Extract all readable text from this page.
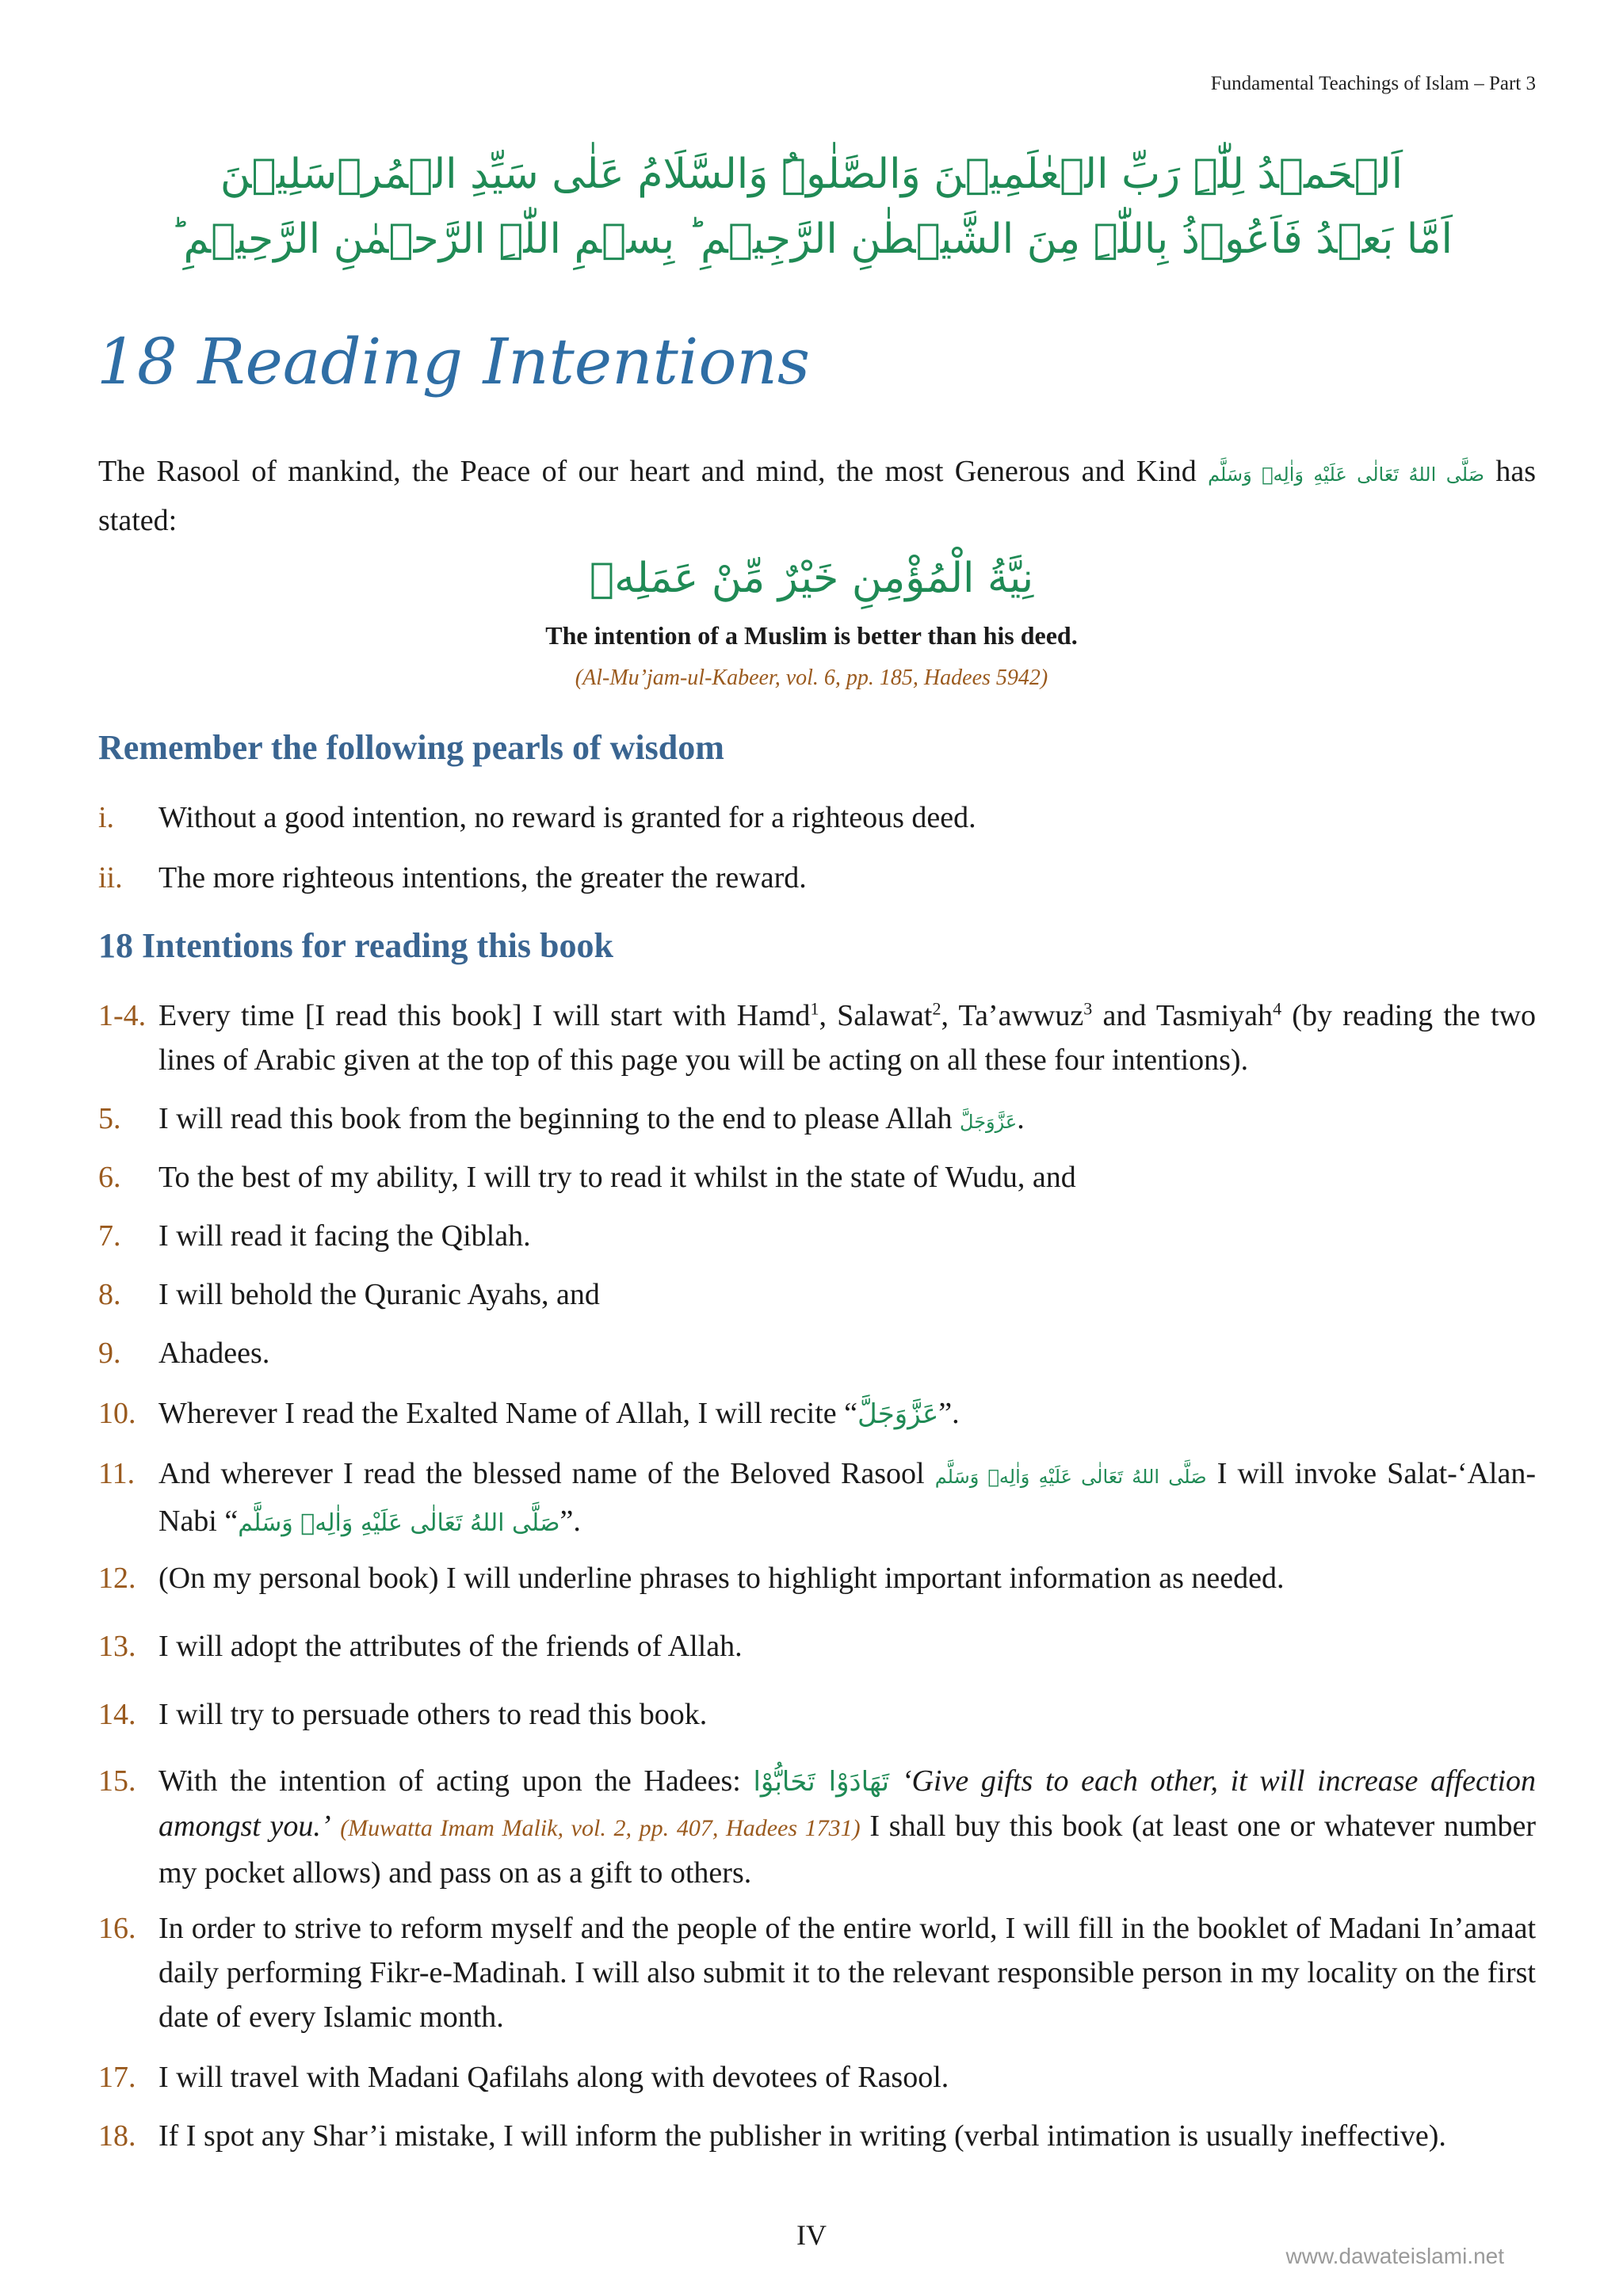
Fundamental Teachings of Islam – Part 3
اَلۡحَمۡدُ لِلّٰہِ رَبِّ الۡعٰلَمِیۡنَ وَالصَّلٰوۃُ وَالسَّلَامُ عَلٰی سَیِّدِ الۡمُرۡسَلِیۡنَ
اَمَّا بَعۡدُ فَاَعُوۡذُ بِاللّٰہِ مِنَ الشَّیۡطٰنِ الرَّجِیۡمِ ؕ بِسۡمِ اللّٰہِ الرَّحۡمٰنِ الرَّحِیۡمِ ؕ
18 Reading Intentions
The Rasool of mankind, the Peace of our heart and mind, the most Generous and Kind صَلَّى اللهُ تَعَالٰى عَلَيْهِ وَاٰلِهٖ وَسَلَّم has stated:
نِيَّةُ الْمُؤْمِنِ خَيْرٌ مِّنْ عَمَلِهٖ
The intention of a Muslim is better than his deed.
(Al-Mu’jam-ul-Kabeer, vol. 6, pp. 185, Hadees 5942)
Remember the following pearls of wisdom
i. Without a good intention, no reward is granted for a righteous deed.
ii. The more righteous intentions, the greater the reward.
18 Intentions for reading this book
1-4. Every time [I read this book] I will start with Hamd$^1$, Salawat$^2$, Ta’awwuz$^3$ and Tasmiyah$^4$ (by reading the two lines of Arabic given at the top of this page you will be acting on all these four intentions).
5. I will read this book from the beginning to the end to please Allah عَزَّوَجَلَّ.
6. To the best of my ability, I will try to read it whilst in the state of Wudu, and
7. I will read it facing the Qiblah.
8. I will behold the Quranic Ayahs, and
9. Ahadees.
10. Wherever I read the Exalted Name of Allah, I will recite “عَزَّوَجَلَّ”.
11. And wherever I read the blessed name of the Beloved Rasool صَلَّى اللهُ تَعَالٰى عَلَيْهِ وَاٰلِهٖ وَسَلَّم I will invoke Salat-‘Alan-Nabi “صَلَّى اللهُ تَعَالٰى عَلَيْهِ وَاٰلِهٖ وَسَلَّم”.
12. (On my personal book) I will underline phrases to highlight important information as needed.
13. I will adopt the attributes of the friends of Allah.
14. I will try to persuade others to read this book.
15. With the intention of acting upon the Hadees: تَهَادَوْا تَحَابُّوْا ‘Give gifts to each other, it will increase affection amongst you.’ (Muwatta Imam Malik, vol. 2, pp. 407, Hadees 1731) I shall buy this book (at least one or whatever number my pocket allows) and pass on as a gift to others.
16. In order to strive to reform myself and the people of the entire world, I will fill in the booklet of Madani In’amaat daily performing Fikr-e-Madinah. I will also submit it to the relevant responsible person in my locality on the first date of every Islamic month.
17. I will travel with Madani Qafilahs along with devotees of Rasool.
18. If I spot any Shar’i mistake, I will inform the publisher in writing (verbal intimation is usually ineffective).
IV
www.dawateislami.net
